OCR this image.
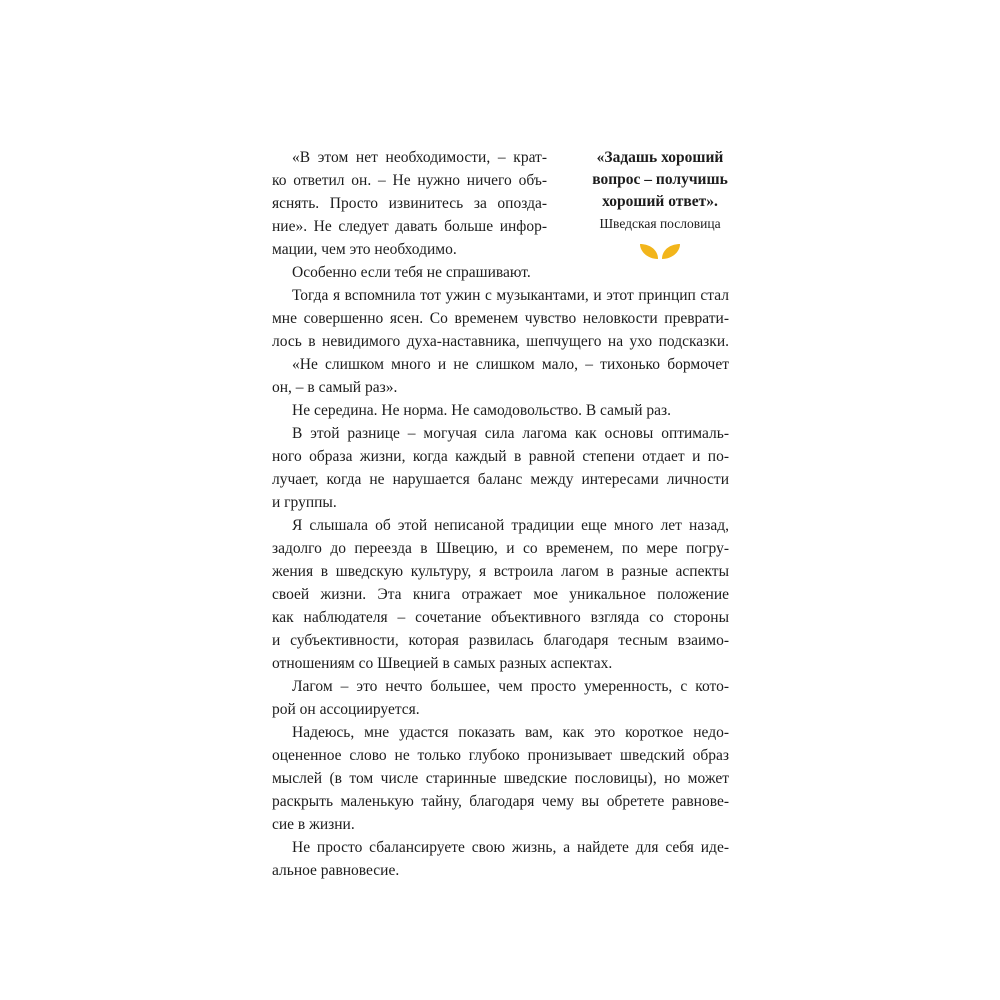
«В этом нет необходимости, – крат-

ко ответил он. – Не нужно ничего объ-

яснять. Просто извинитесь за опозда-

ние». Не следует давать больше инфор-

мации, чем это необходимо.

Особенно если тебя не спрашивают.

«Задашь хороший

вопрос – получишь

хороший ответ».

Шведская пословица

Тогда я вспомнила тот ужин с музыкантами, и этот принцип стал

мне совершенно ясен. Со временем чувство неловкости преврати-

лось в невидимого духа-наставника, шепчущего на ухо подсказки.

«Не слишком много и не слишком мало, – тихонько бормочет

он, – в самый раз».

Не середина. Не норма. Не самодовольство. В самый раз.

В этой разнице – могучая сила лагома как основы оптималь-

ного образа жизни, когда каждый в равной степени отдает и по-

лучает, когда не нарушается баланс между интересами личности

и группы.

Я слышала об этой неписаной традиции еще много лет назад,

задолго до переезда в Швецию, и со временем, по мере погру-

жения в шведскую культуру, я встроила лагом в разные аспекты

своей жизни. Эта книга отражает мое уникальное положение

как наблюдателя – сочетание объективного взгляда со стороны

и субъективности, которая развилась благодаря тесным взаимо-

отношениям со Швецией в самых разных аспектах.

Лагом – это нечто большее, чем просто умеренность, с кото-

рой он ассоциируется.

Надеюсь, мне удастся показать вам, как это короткое недо-

оцененное слово не только глубоко пронизывает шведский образ

мыслей (в том числе старинные шведские пословицы), но может

раскрыть маленькую тайну, благодаря чему вы обретете равнове-

сие в жизни.

Не просто сбалансируете свою жизнь, а найдете для себя иде-

альное равновесие.
